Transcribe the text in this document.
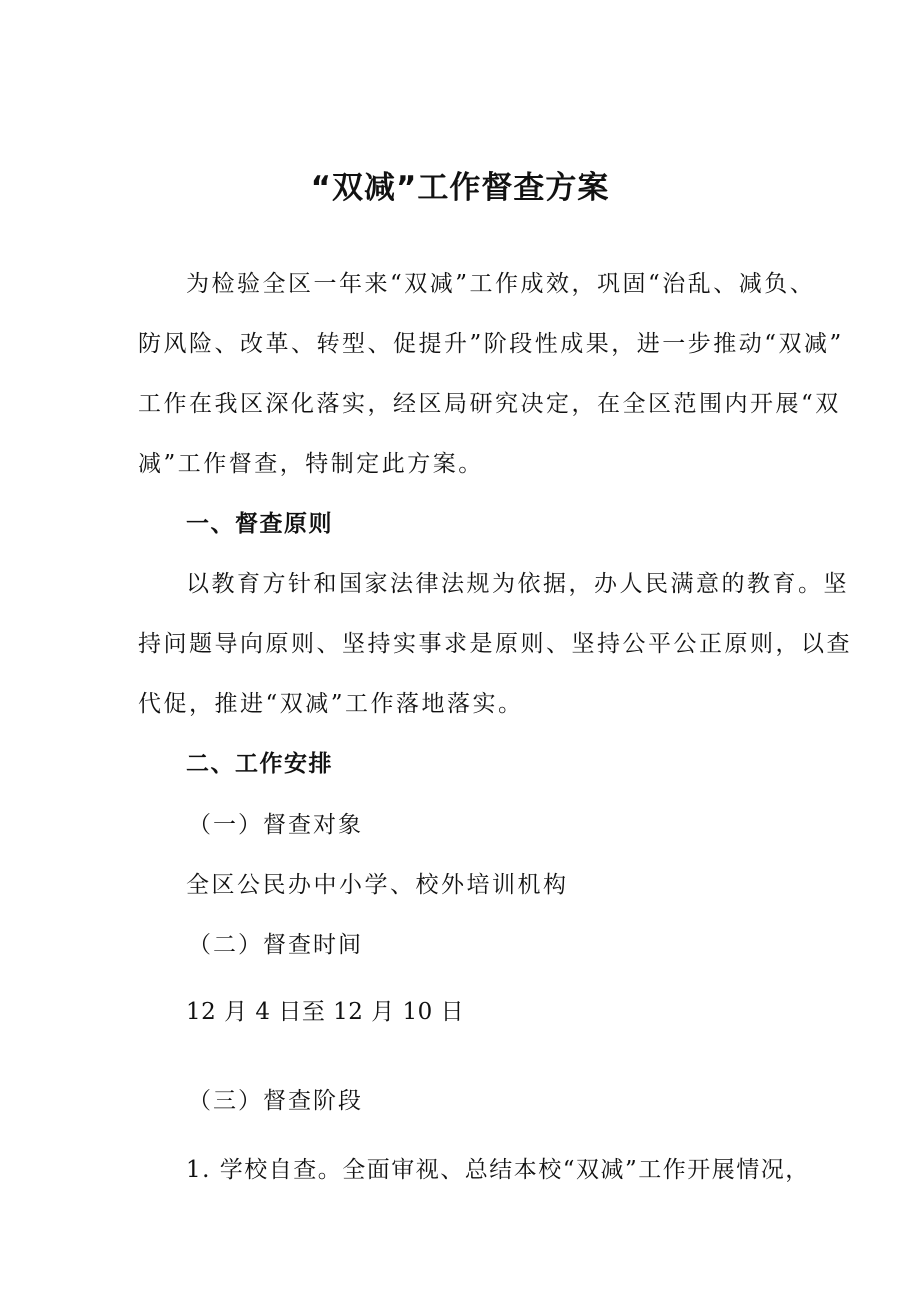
“双减”工作督查方案
为检验全区一年来“双减”工作成效，巩固“治乱、减负、
防风险、改革、转型、促提升”阶段性成果，进一步推动“双减”
工作在我区深化落实，经区局研究决定，在全区范围内开展“双
减”工作督查，特制定此方案。
一、督查原则
以教育方针和国家法律法规为依据，办人民满意的教育。坚
持问题导向原则、坚持实事求是原则、坚持公平公正原则，以查
代促，推进“双减”工作落地落实。
二、工作安排
（一）督查对象
全区公民办中小学、校外培训机构
（二）督查时间
12 月 4 日至 12 月 10 日
（三）督查阶段
1. 学校自查。全面审视、总结本校“双减”工作开展情况，
